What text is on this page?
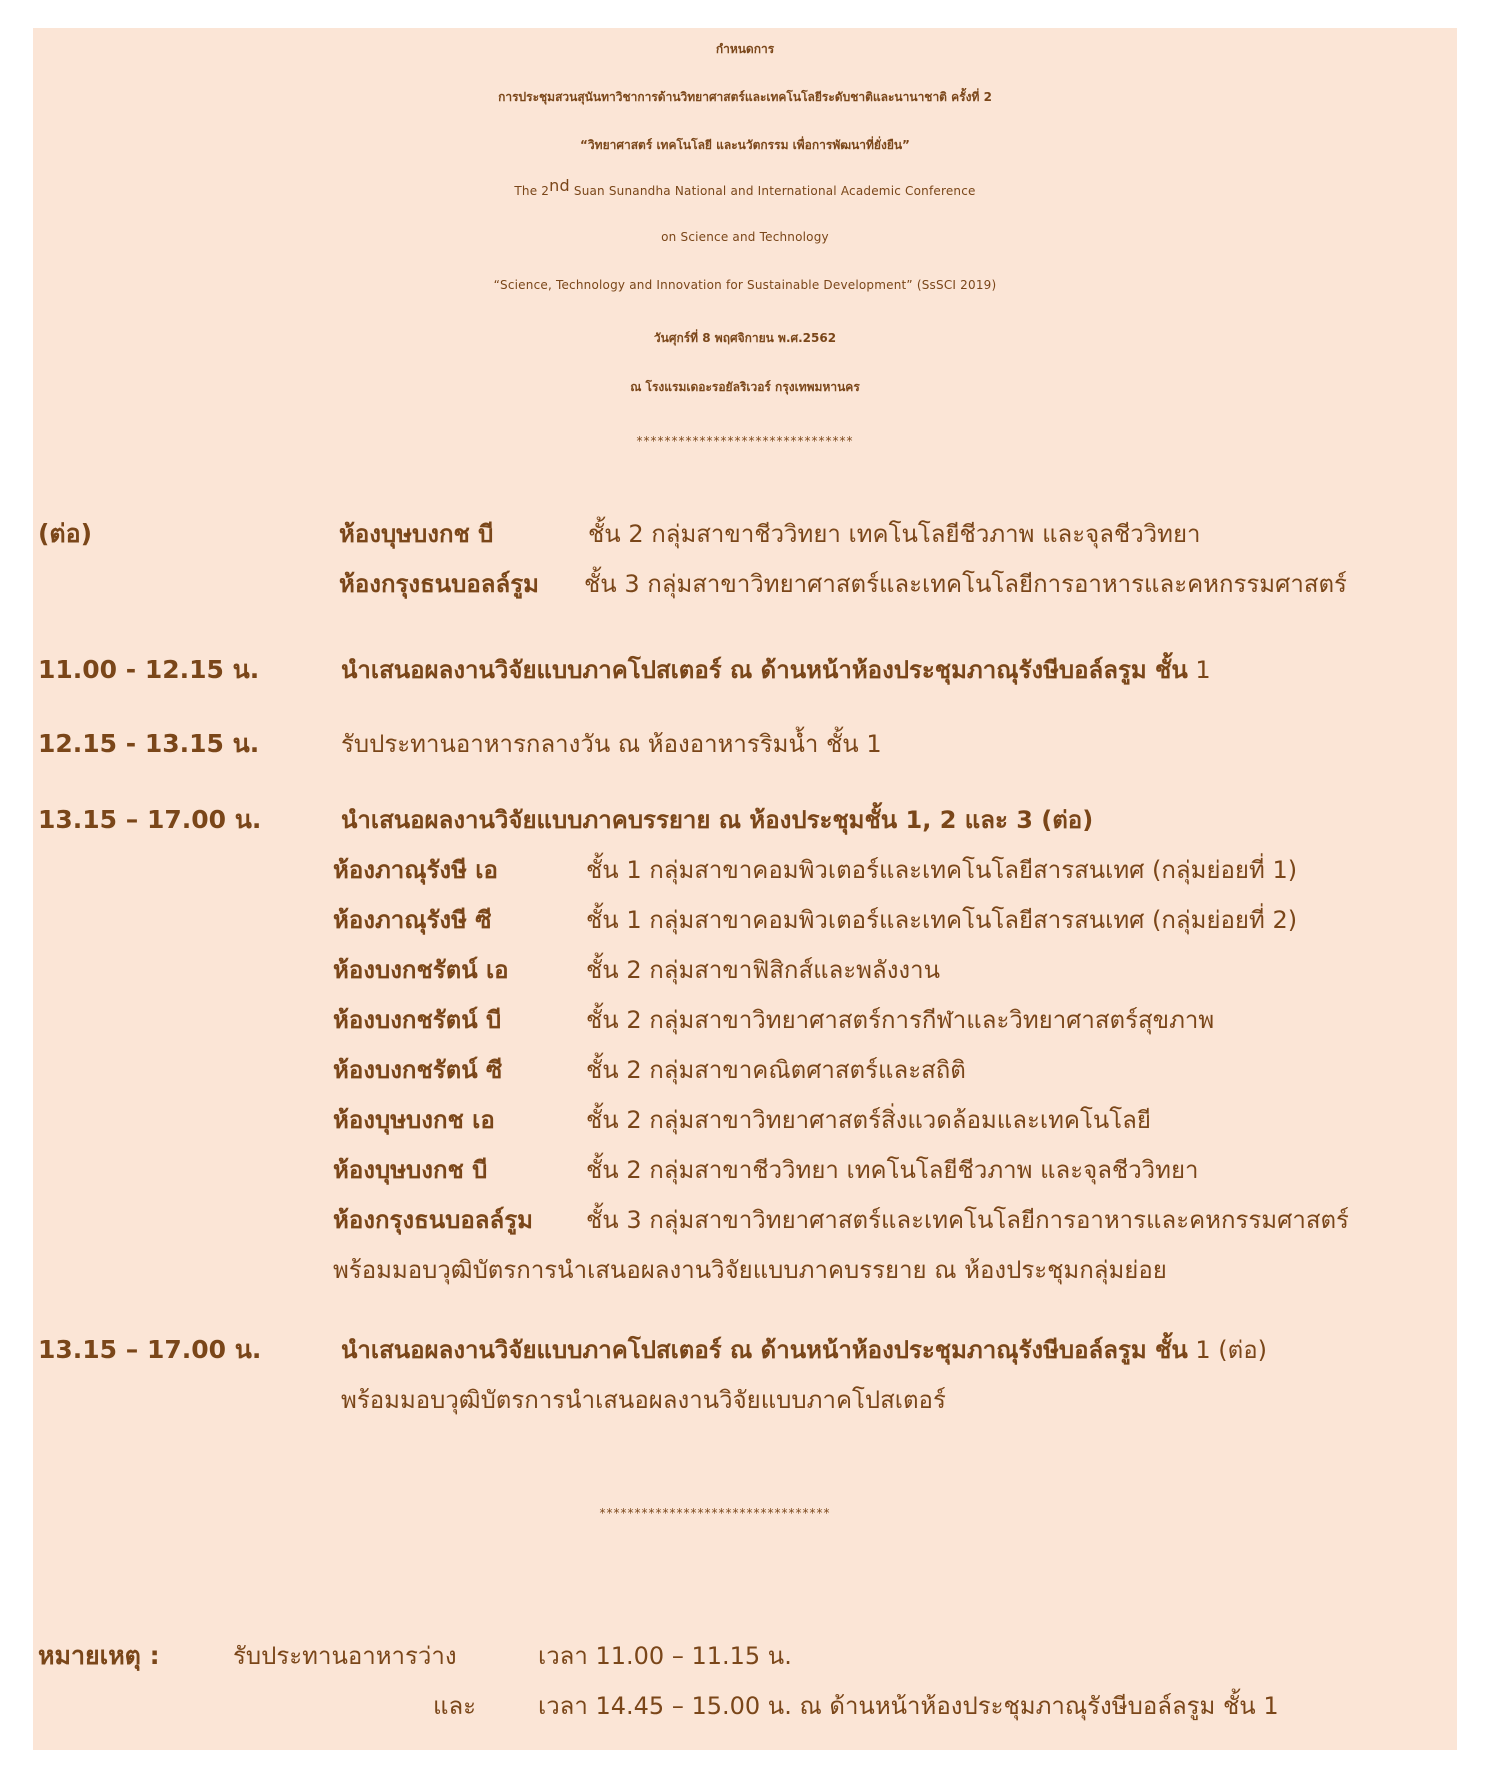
กำหนดการ
การประชุมสวนสุนันทาวิชาการด้านวิทยาศาสตร์และเทคโนโลยีระดับชาติและนานาชาติ ครั้งที่ 2
“วิทยาศาสตร์ เทคโนโลยี และนวัตกรรม เพื่อการพัฒนาที่ยั่งยืน”
The 2nd Suan Sunandha National and International Academic Conference
on Science and Technology
“Science, Technology and Innovation for Sustainable Development” (SsSCI 2019)
วันศุกร์ที่ 8 พฤศจิกายน พ.ศ.2562
ณ โรงแรมเดอะรอยัลริเวอร์ กรุงเทพมหานคร
*******************************
(ต่อ)	ห้องบุษบงกช บี	ชั้น 2 กลุ่มสาขาชีววิทยา เทคโนโลยีชีวภาพ และจุลชีววิทยา
ห้องกรุงธนบอลล์รูม ชั้น 3 กลุ่มสาขาวิทยาศาสตร์และเทคโนโลยีการอาหารและคหกรรมศาสตร์
11.00 - 12.15 น.	นำเสนอผลงานวิจัยแบบภาคโปสเตอร์ ณ ด้านหน้าห้องประชุมภาณุรังษีบอล์ลรูม ชั้น 1
12.15 - 13.15 น.	รับประทานอาหารกลางวัน ณ ห้องอาหารริมน้ำ ชั้น 1
13.15 – 17.00 น.	นำเสนอผลงานวิจัยแบบภาคบรรยาย ณ ห้องประชุมชั้น 1, 2 และ 3 (ต่อ)
ห้องภาณุรังษี เอ	ชั้น 1 กลุ่มสาขาคอมพิวเตอร์และเทคโนโลยีสารสนเทศ (กลุ่มย่อยที่ 1)
ห้องภาณุรังษี ซี	ชั้น 1 กลุ่มสาขาคอมพิวเตอร์และเทคโนโลยีสารสนเทศ (กลุ่มย่อยที่ 2)
ห้องบงกชรัตน์ เอ	ชั้น 2 กลุ่มสาขาฟิสิกส์และพลังงาน
ห้องบงกชรัตน์ บี	ชั้น 2 กลุ่มสาขาวิทยาศาสตร์การกีฬาและวิทยาศาสตร์สุขภาพ
ห้องบงกชรัตน์ ซี	ชั้น 2 กลุ่มสาขาคณิตศาสตร์และสถิติ
ห้องบุษบงกช เอ	ชั้น 2 กลุ่มสาขาวิทยาศาสตร์สิ่งแวดล้อมและเทคโนโลยี
ห้องบุษบงกช บี	ชั้น 2 กลุ่มสาขาชีววิทยา เทคโนโลยีชีวภาพ และจุลชีววิทยา
ห้องกรุงธนบอลล์รูม ชั้น 3 กลุ่มสาขาวิทยาศาสตร์และเทคโนโลยีการอาหารและคหกรรมศาสตร์
พร้อมมอบวุฒิบัตรการนำเสนอผลงานวิจัยแบบภาคบรรยาย ณ ห้องประชุมกลุ่มย่อย
13.15 – 17.00 น.	นำเสนอผลงานวิจัยแบบภาคโปสเตอร์ ณ ด้านหน้าห้องประชุมภาณุรังษีบอล์ลรูม ชั้น 1 (ต่อ)
พร้อมมอบวุฒิบัตรการนำเสนอผลงานวิจัยแบบภาคโปสเตอร์
*********************************
หมายเหตุ :	รับประทานอาหารว่าง	เวลา 11.00 – 11.15 น.
และ	เวลา 14.45 – 15.00 น. ณ ด้านหน้าห้องประชุมภาณุรังษีบอล์ลรูม ชั้น 1
